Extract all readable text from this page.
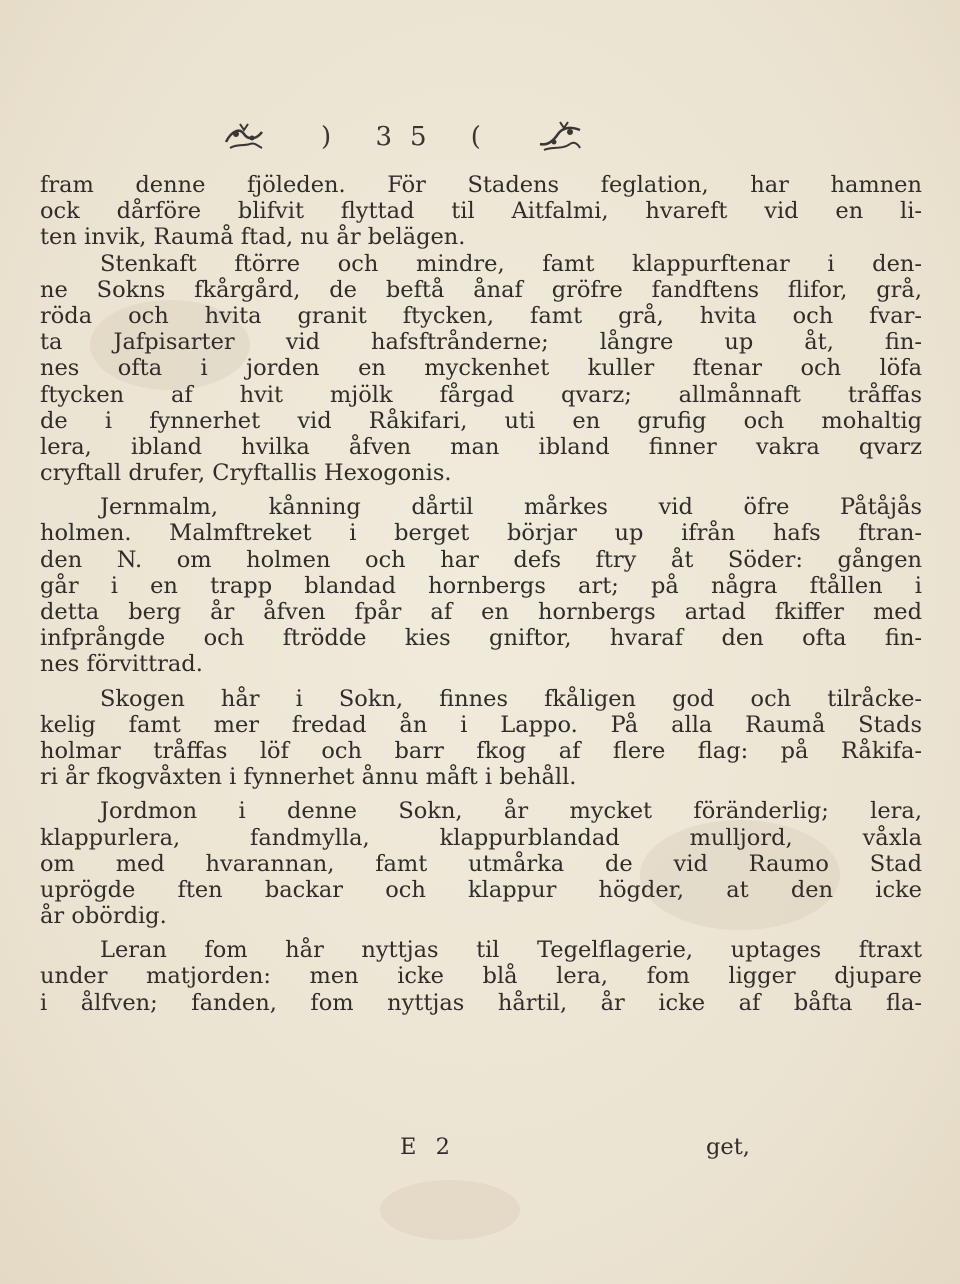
) 35 (
fram denne fjöleden. För Stadens feglation, har hamnen
ock dårföre blifvit flyttad til Aitfalmi, hvareft vid en li-
ten invik, Raumå ftad, nu år belägen.
Stenkaft ftörre och mindre, famt klappurftenar i den-
ne Sokns fkårgård, de beftå ånaf gröfre fandftens flifor, grå,
röda och hvita granit ftycken, famt grå, hvita och fvar-
ta Jafpisarter vid hafsftrånderne; långre up åt, fin-
nes ofta i jorden en myckenhet kuller ftenar och löfa
ftycken af hvit mjölk fårgad qvarz; allmånnaft tråffas
de i fynnerhet vid Råkifari, uti en grufig och mohaltig
lera, ibland hvilka åfven man ibland finner vakra qvarz
cryftall drufer, Cryftallis Hexogonis.
Jernmalm, kånning dårtil mårkes vid öfre Påtåjås
holmen. Malmftreket i berget börjar up ifrån hafs ftran-
den N. om holmen och har defs ftry åt Söder: gången
går i en trapp blandad hornbergs art; på några ftållen i
detta berg år åfven fpår af en hornbergs artad fkiffer med
infprångde och ftrödde kies gniftor, hvaraf den ofta fin-
nes förvittrad.
Skogen hår i Sokn, finnes fkåligen god och tilråcke-
kelig famt mer fredad ån i Lappo. På alla Raumå Stads
holmar tråffas löf och barr fkog af flere flag: på Råkifa-
ri år fkogvåxten i fynnerhet ånnu måft i behåll.
Jordmon i denne Sokn, år mycket föränderlig; lera,
klappurlera, fandmylla, klappurblandad mulljord, våxla
om med hvarannan, famt utmårka de vid Raumo Stad
uprögde ften backar och klappur högder, at den icke
år obördig.
Leran fom hår nyttjas til Tegelflagerie, uptages ftraxt
under matjorden: men icke blå lera, fom ligger djupare
i ålfven; fanden, fom nyttjas hårtil, år icke af båfta fla-
E 2	get,
